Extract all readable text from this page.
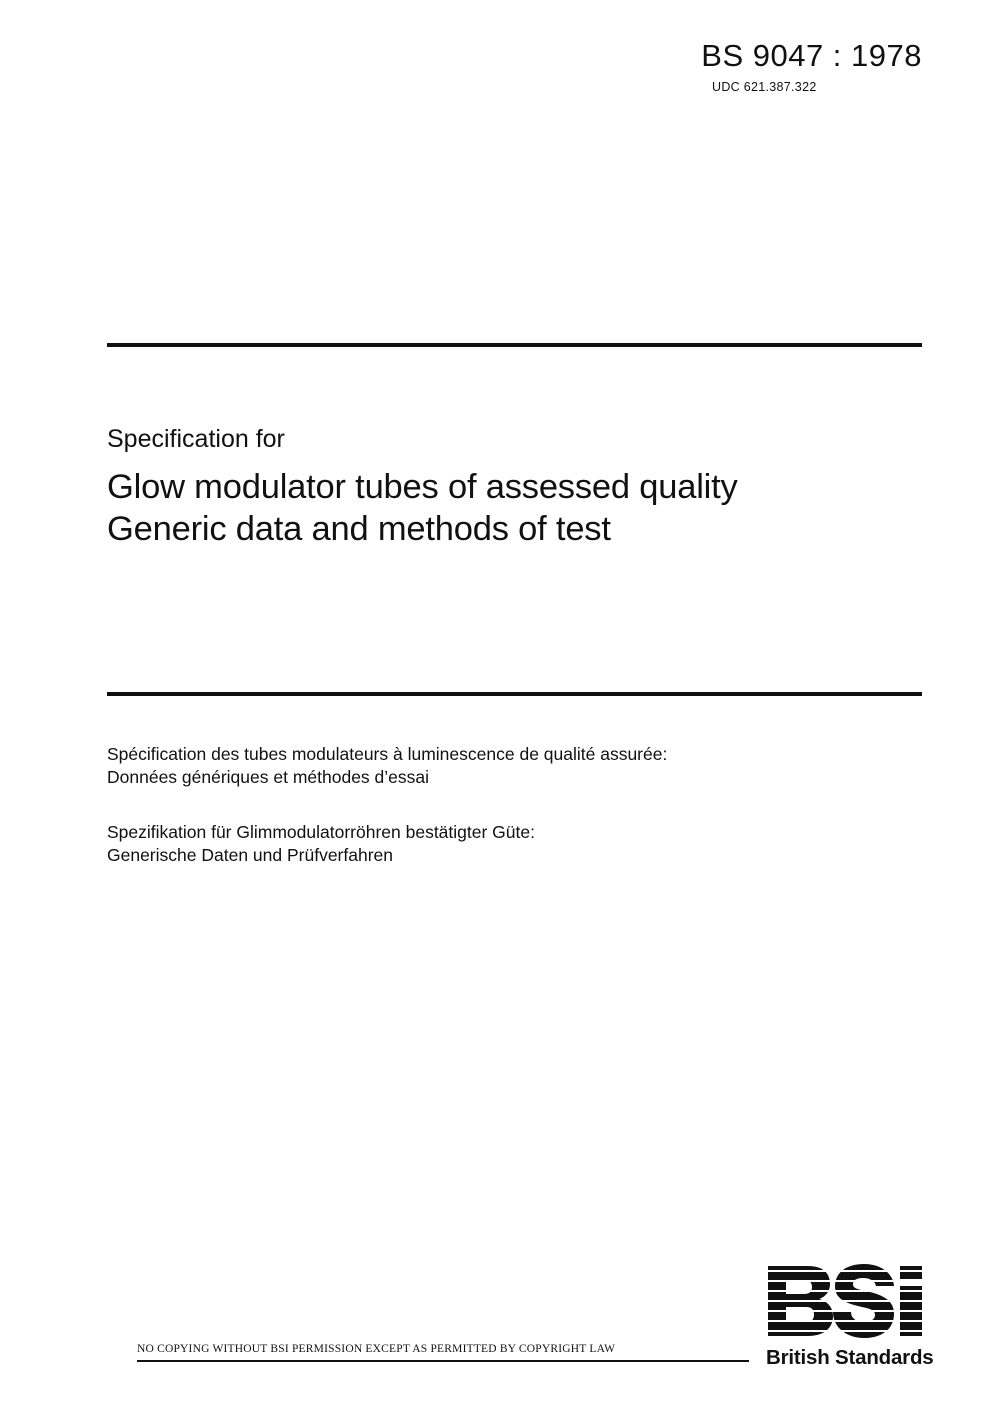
BS 9047 : 1978
UDC 621.387.322
Specification for
Glow modulator tubes of assessed quality
Generic data and methods of test
Spécification des tubes modulateurs à luminescence de qualité assurée:
Données génériques et méthodes d’essai
Spezifikation für Glimmodulatorröhren bestätigter Güte:
Generische Daten und Prüfverfahren
NO COPYING WITHOUT BSI PERMISSION EXCEPT AS PERMITTED BY COPYRIGHT LAW	British Standards
